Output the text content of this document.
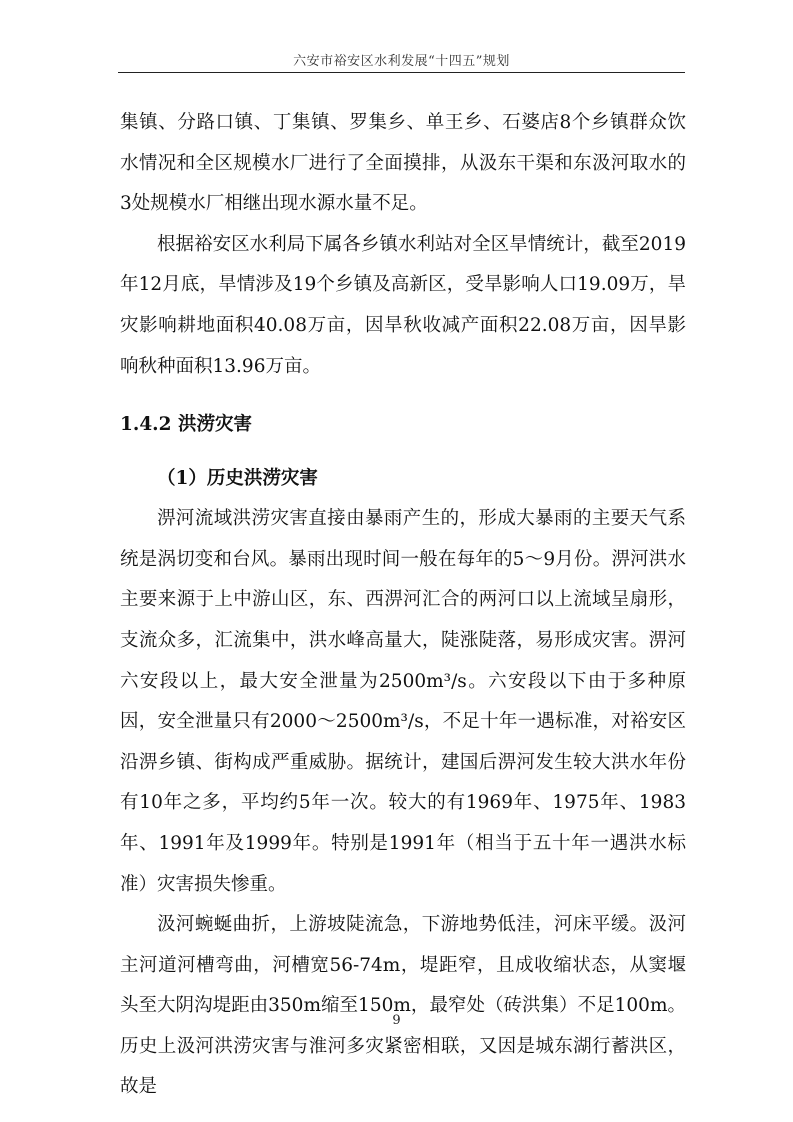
六安市裕安区水利发展“十四五”规划

集镇、分路口镇、丁集镇、罗集乡、单王乡、石婆店8个乡镇群众饮水情况和全区规模水厂进行了全面摸排，从汲东干渠和东汲河取水的3处规模水厂相继出现水源水量不足。

根据裕安区水利局下属各乡镇水利站对全区旱情统计，截至2019年12月底，旱情涉及19个乡镇及高新区，受旱影响人口19.09万，旱灾影响耕地面积40.08万亩，因旱秋收减产面积22.08万亩，因旱影响秋种面积13.96万亩。

1.4.2 洪涝灾害
（1）历史洪涝灾害

淠河流域洪涝灾害直接由暴雨产生的，形成大暴雨的主要天气系统是涡切变和台风。暴雨出现时间一般在每年的5～9月份。淠河洪水主要来源于上中游山区，东、西淠河汇合的两河口以上流域呈扇形，支流众多，汇流集中，洪水峰高量大，陡涨陡落，易形成灾害。淠河六安段以上，最大安全泄量为2500m³/s。六安段以下由于多种原因，安全泄量只有2000～2500m³/s，不足十年一遇标准，对裕安区沿淠乡镇、街构成严重威胁。据统计，建国后淠河发生较大洪水年份有10年之多，平均约5年一次。较大的有1969年、1975年、1983年、1991年及1999年。特别是1991年（相当于五十年一遇洪水标准）灾害损失惨重。

汲河蜿蜒曲折，上游坡陡流急，下游地势低洼，河床平缓。汲河主河道河槽弯曲，河槽宽56-74m，堤距窄，且成收缩状态，从窦堰头至大阴沟堤距由350m缩至150m，最窄处（砖洪集）不足100m。历史上汲河洪涝灾害与淮河多灾紧密相联，又因是城东湖行蓄洪区，故是

9
